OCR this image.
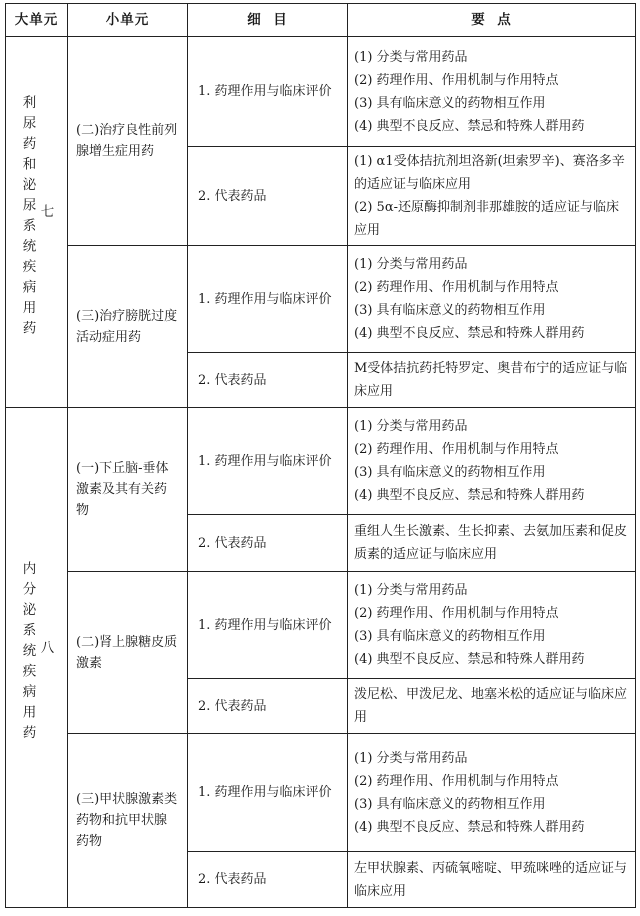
大单元	小单元	细  目	要  点

七
利尿药和泌尿系统疾病用药	(二)治疗良性前列腺增生症用药	1. 药理作用与临床评价	(1) 分类与常用药品
(2) 药理作用、作用机制与作用特点
(3) 具有临床意义的药物相互作用
(4) 典型不良反应、禁忌和特殊人群用药

		2. 代表药品	(1) α1受体拮抗剂坦洛新(坦索罗辛)、赛洛多辛的适应证与临床应用
(2) 5α-还原酶抑制剂非那雄胺的适应证与临床应用

	(三)治疗膀胱过度活动症用药	1. 药理作用与临床评价	(1) 分类与常用药品
(2) 药理作用、作用机制与作用特点
(3) 具有临床意义的药物相互作用
(4) 典型不良反应、禁忌和特殊人群用药

		2. 代表药品	M受体拮抗药托特罗定、奥昔布宁的适应证与临床应用

八
内分泌系统疾病用药	(一)下丘脑-垂体激素及其有关药物	1. 药理作用与临床评价	(1) 分类与常用药品
(2) 药理作用、作用机制与作用特点
(3) 具有临床意义的药物相互作用
(4) 典型不良反应、禁忌和特殊人群用药

		2. 代表药品	重组人生长激素、生长抑素、去氨加压素和促皮质素的适应证与临床应用

	(二)肾上腺糖皮质激素	1. 药理作用与临床评价	(1) 分类与常用药品
(2) 药理作用、作用机制与作用特点
(3) 具有临床意义的药物相互作用
(4) 典型不良反应、禁忌和特殊人群用药

		2. 代表药品	泼尼松、甲泼尼龙、地塞米松的适应证与临床应用

	(三)甲状腺激素类药物和抗甲状腺药物	1. 药理作用与临床评价	(1) 分类与常用药品
(2) 药理作用、作用机制与作用特点
(3) 具有临床意义的药物相互作用
(4) 典型不良反应、禁忌和特殊人群用药

		2. 代表药品	左甲状腺素、丙硫氧嘧啶、甲巯咪唑的适应证与临床应用
